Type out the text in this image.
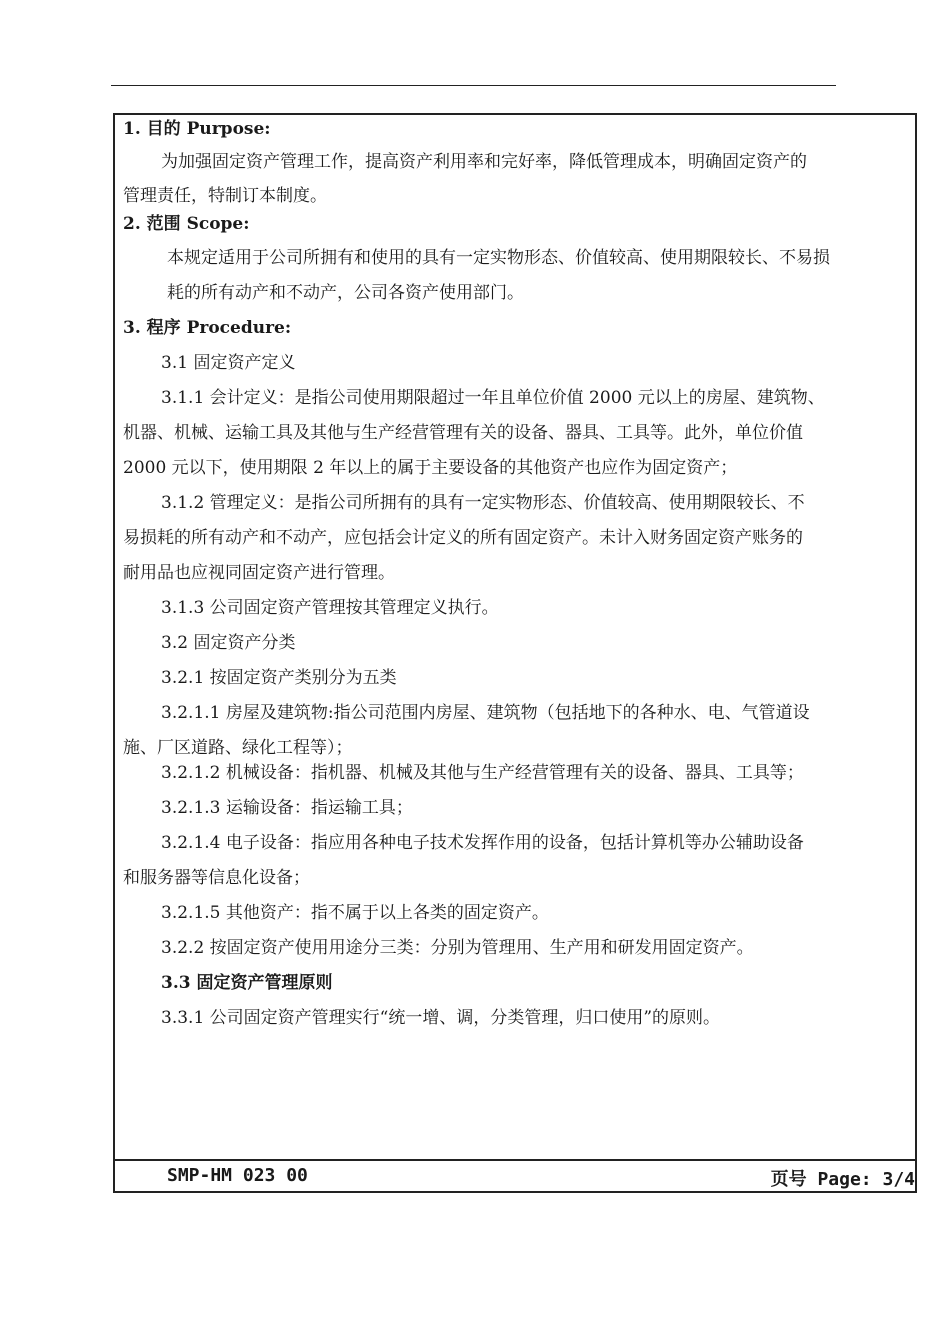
1. 目的 Purpose:
为加强固定资产管理工作，提高资产利用率和完好率，降低管理成本，明确固定资产的
管理责任，特制订本制度。
2. 范围 Scope:
本规定适用于公司所拥有和使用的具有一定实物形态、价值较高、使用期限较长、不易损
耗的所有动产和不动产，公司各资产使用部门。
3. 程序 Procedure:
3.1 固定资产定义
3.1.1 会计定义：是指公司使用期限超过一年且单位价值 2000 元以上的房屋、建筑物、
机器、机械、运输工具及其他与生产经营管理有关的设备、器具、工具等。此外，单位价值
2000 元以下，使用期限 2 年以上的属于主要设备的其他资产也应作为固定资产；
3.1.2 管理定义：是指公司所拥有的具有一定实物形态、价值较高、使用期限较长、不
易损耗的所有动产和不动产，应包括会计定义的所有固定资产。未计入财务固定资产账务的
耐用品也应视同固定资产进行管理。
3.1.3 公司固定资产管理按其管理定义执行。
3.2 固定资产分类
3.2.1 按固定资产类别分为五类
3.2.1.1 房屋及建筑物:指公司范围内房屋、建筑物（包括地下的各种水、电、气管道设
施、厂区道路、绿化工程等）；
3.2.1.2 机械设备：指机器、机械及其他与生产经营管理有关的设备、器具、工具等；
3.2.1.3 运输设备：指运输工具；
3.2.1.4 电子设备：指应用各种电子技术发挥作用的设备，包括计算机等办公辅助设备
和服务器等信息化设备；
3.2.1.5 其他资产：指不属于以上各类的固定资产。
3.2.2 按固定资产使用用途分三类：分别为管理用、生产用和研发用固定资产。
3.3 固定资产管理原则
3.3.1 公司固定资产管理实行“统一增、调，分类管理，归口使用”的原则。
SMP-HM 023 00	页号 Page: 3/4
